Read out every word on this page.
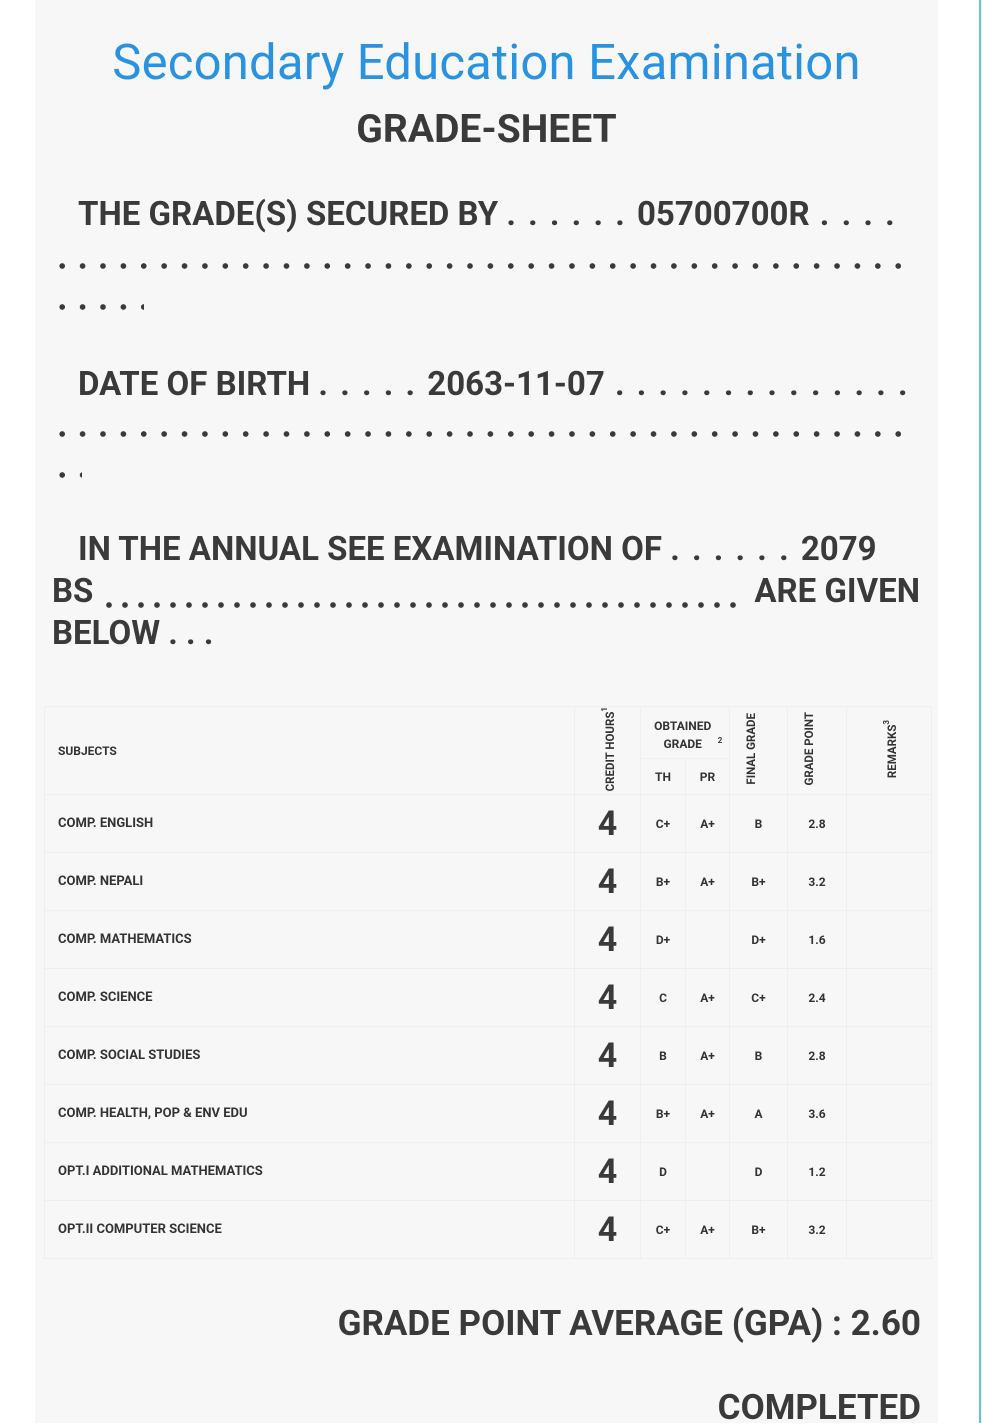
Secondary Education Examination
GRADE-SHEET
THE GRADE(S) SECURED BY . . . . . . 05700700R . . . .
DATE OF BIRTH . . . . . 2063-11-07 . . . . . . . . . . . . . .
IN THE ANNUAL SEE EXAMINATION OF . . . . . . 2079
BS	ARE GIVEN
BELOW . . .
SUBJECTS	CREDIT HOURS$^1$	OBTAINED GRADE $^2$		FINAL GRADE	GRADE POINT	REMARKS$^3$
		TH	PR			
COMP. ENGLISH	4	C+	A+	B	2.8	
COMP. NEPALI	4	B+	A+	B+	3.2	
COMP. MATHEMATICS	4	D+		D+	1.6	
COMP. SCIENCE	4	C	A+	C+	2.4	
COMP. SOCIAL STUDIES	4	B	A+	B	2.8	
COMP. HEALTH, POP & ENV EDU	4	B+	A+	A	3.6	
OPT.I ADDITIONAL MATHEMATICS	4	D		D	1.2	
OPT.II COMPUTER SCIENCE	4	C+	A+	B+	3.2	
GRADE POINT AVERAGE (GPA) : 2.60
COMPLETED
